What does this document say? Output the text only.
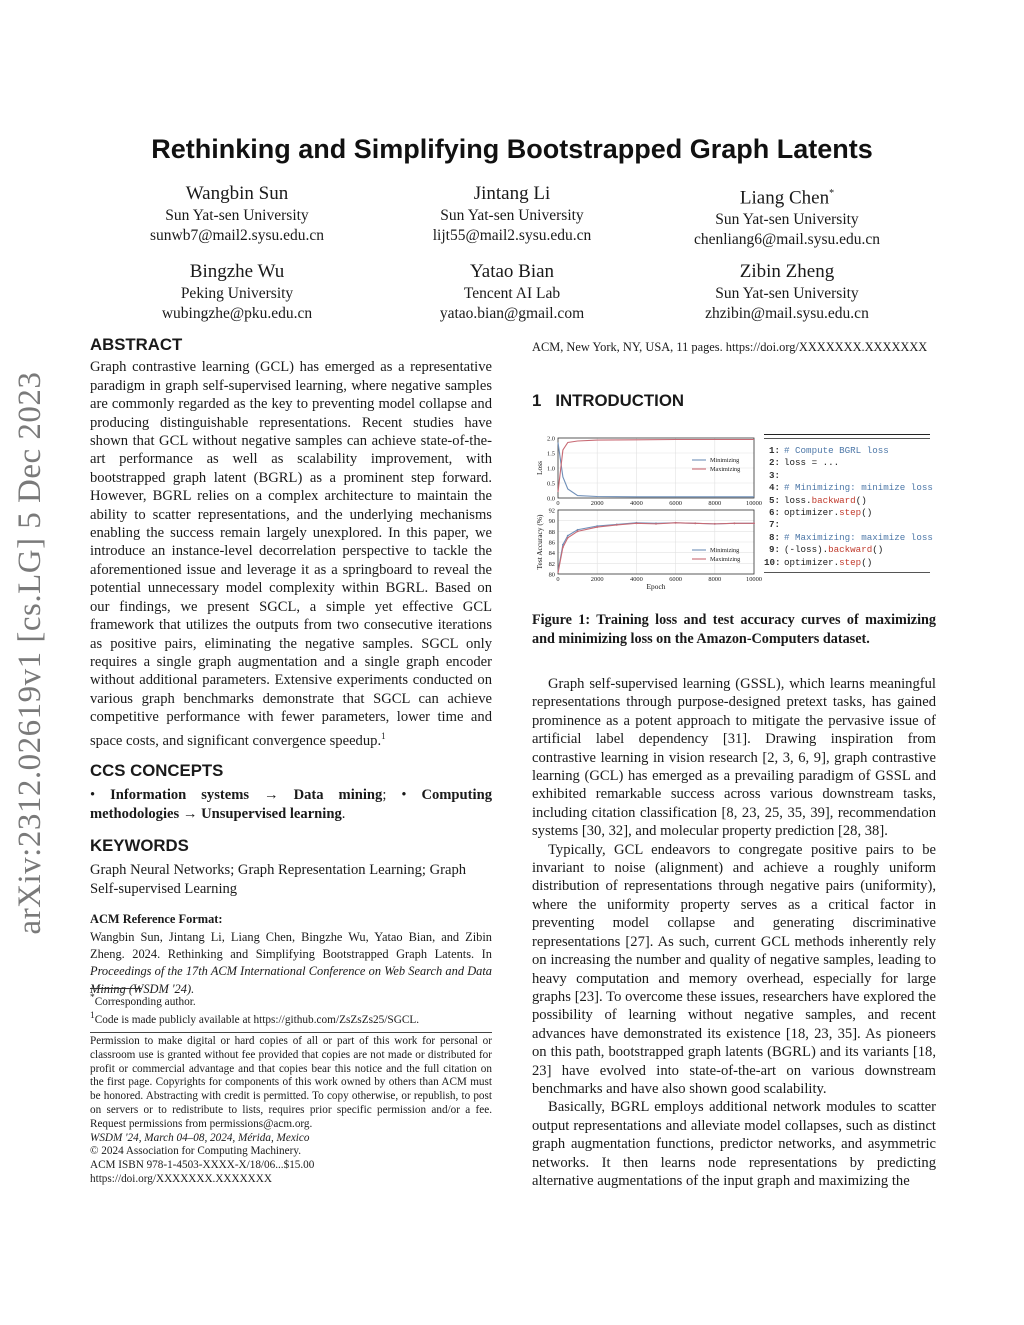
arXiv:2312.02619v1 [cs.LG] 5 Dec 2023
Rethinking and Simplifying Bootstrapped Graph Latents
Wangbin Sun
Sun Yat-sen University
sunwb7@mail2.sysu.edu.cn
Jintang Li
Sun Yat-sen University
lijt55@mail2.sysu.edu.cn
Liang Chen*
Sun Yat-sen University
chenliang6@mail.sysu.edu.cn
Bingzhe Wu
Peking University
wubingzhe@pku.edu.cn
Yatao Bian
Tencent AI Lab
yatao.bian@gmail.com
Zibin Zheng
Sun Yat-sen University
zhzibin@mail.sysu.edu.cn
ABSTRACT

Graph contrastive learning (GCL) has emerged as a representative paradigm in graph self-supervised learning, where negative samples are commonly regarded as the key to preventing model collapse and producing distinguishable representations. Recent studies have shown that GCL without negative samples can achieve state-of-the-art performance as well as scalability improvement, with bootstrapped graph latent (BGRL) as a prominent step forward. However, BGRL relies on a complex architecture to maintain the ability to scatter representations, and the underlying mechanisms enabling the success remain largely unexplored. In this paper, we introduce an instance-level decorrelation perspective to tackle the aforementioned issue and leverage it as a springboard to reveal the potential unnecessary model complexity within BGRL. Based on our findings, we present SGCL, a simple yet effective GCL framework that utilizes the outputs from two consecutive iterations as positive pairs, eliminating the negative samples. SGCL only requires a single graph augmentation and a single graph encoder without additional parameters. Extensive experiments conducted on various graph benchmarks demonstrate that SGCL can achieve competitive performance with fewer parameters, lower time and space costs, and significant convergence speedup.$^1$

CCS CONCEPTS

• Information systems → Data mining; • Computing methodologies → Unsupervised learning.

KEYWORDS

Graph Neural Networks; Graph Representation Learning; Graph Self-supervised Learning

ACM Reference Format:

Wangbin Sun, Jintang Li, Liang Chen, Bingzhe Wu, Yatao Bian, and Zibin Zheng. 2024. Rethinking and Simplifying Bootstrapped Graph Latents. In Proceedings of the 17th ACM International Conference on Web Search and Data Mining (WSDM '24).

*Corresponding author.
$^1$Code is made publicly available at https://github.com/ZsZsZs25/SGCL.

Permission to make digital or hard copies of all or part of this work for personal or classroom use is granted without fee provided that copies are not made or distributed for profit or commercial advantage and that copies bear this notice and the full citation on the first page. Copyrights for components of this work owned by others than ACM must be honored. Abstracting with credit is permitted. To copy otherwise, or republish, to post on servers or to redistribute to lists, requires prior specific permission and/or a fee. Request permissions from permissions@acm.org.

WSDM '24, March 04–08, 2024, Mérida, Mexico

© 2024 Association for Computing Machinery.

ACM ISBN 978-1-4503-XXXX-X/18/06...$15.00

https://doi.org/XXXXXXX.XXXXXXX

ACM, New York, NY, USA, 11 pages. https://doi.org/XXXXXXX.XXXXXXX
1 INTRODUCTION
0.0
0.5
1.0
1.5
2.0
0	2000	4000	6000	8000	10000
Loss
Minimizing
Maximizing
80
82
84
86
88
90
92
0	2000	4000	6000	8000	10000
Test Accuracy (%)
Epoch
Minimizing
Maximizing
1: # Compute BGRL loss
2: loss = ...
3:
4: # Minimizing: minimize loss
5: loss.backward()
6: optimizer.step()
7:
8: # Maximizing: maximize loss
9: (-loss).backward()
10: optimizer.step()
Figure 1: Training loss and test accuracy curves of maximizing and minimizing loss on the Amazon-Computers dataset.

Graph self-supervised learning (GSSL), which learns meaningful representations through purpose-designed pretext tasks, has gained prominence as a potent approach to mitigate the pervasive issue of artificial label dependency [31]. Drawing inspiration from contrastive learning in vision research [2, 3, 6, 9], graph contrastive learning (GCL) has emerged as a prevailing paradigm of GSSL and exhibited remarkable success across various downstream tasks, including citation classification [8, 23, 25, 35, 39], recommendation systems [30, 32], and molecular property prediction [28, 38].

Typically, GCL endeavors to congregate positive pairs to be invariant to noise (alignment) and achieve a roughly uniform distribution of representations through negative pairs (uniformity), where the uniformity property serves as a critical factor in preventing model collapse and generating discriminative representations [27]. As such, current GCL methods inherently rely on increasing the number and quality of negative samples, leading to heavy computation and memory overhead, especially for large graphs [23]. To overcome these issues, researchers have explored the possibility of learning without negative samples, and recent advances have demonstrated its existence [18, 23, 35]. As pioneers on this path, bootstrapped graph latents (BGRL) and its variants [18, 23] have evolved into state-of-the-art on various downstream benchmarks and have also shown good scalability.

Basically, BGRL employs additional network modules to scatter output representations and alleviate model collapses, such as distinct graph augmentation functions, predictor networks, and asymmetric networks. It then learns node representations by predicting alternative augmentations of the input graph and maximizing the
